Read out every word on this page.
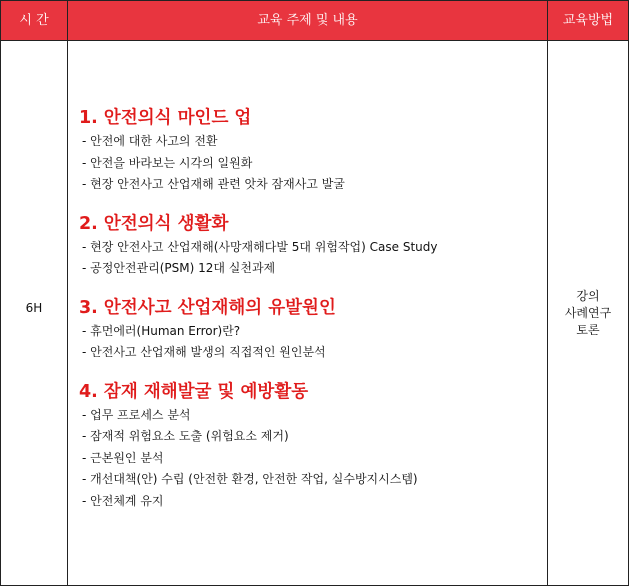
시 간	교육 주제 및 내용	교육방법
6H
강의
사례연구
토론

1. 안전의식 마인드 업

- 안전에 대한 사고의 전환
- 안전을 바라보는 시각의 일원화
- 현장 안전사고 산업재해 관련 앗차 잠재사고 발굴

2. 안전의식 생활화

- 현장 안전사고 산업재해(사망재해다발 5대 위험작업) Case Study
- 공정안전관리(PSM) 12대 실천과제

3. 안전사고 산업재해의 유발원인

- 휴먼에러(Human Error)란?
- 안전사고 산업재해 발생의 직접적인 원인분석

4. 잠재 재해발굴 및 예방활동

- 업무 프로세스 분석
- 잠재적 위험요소 도출 (위험요소 제거)
- 근본원인 분석
- 개선대책(안) 수립 (안전한 환경, 안전한 작업, 실수방지시스템)
- 안전체계 유지
